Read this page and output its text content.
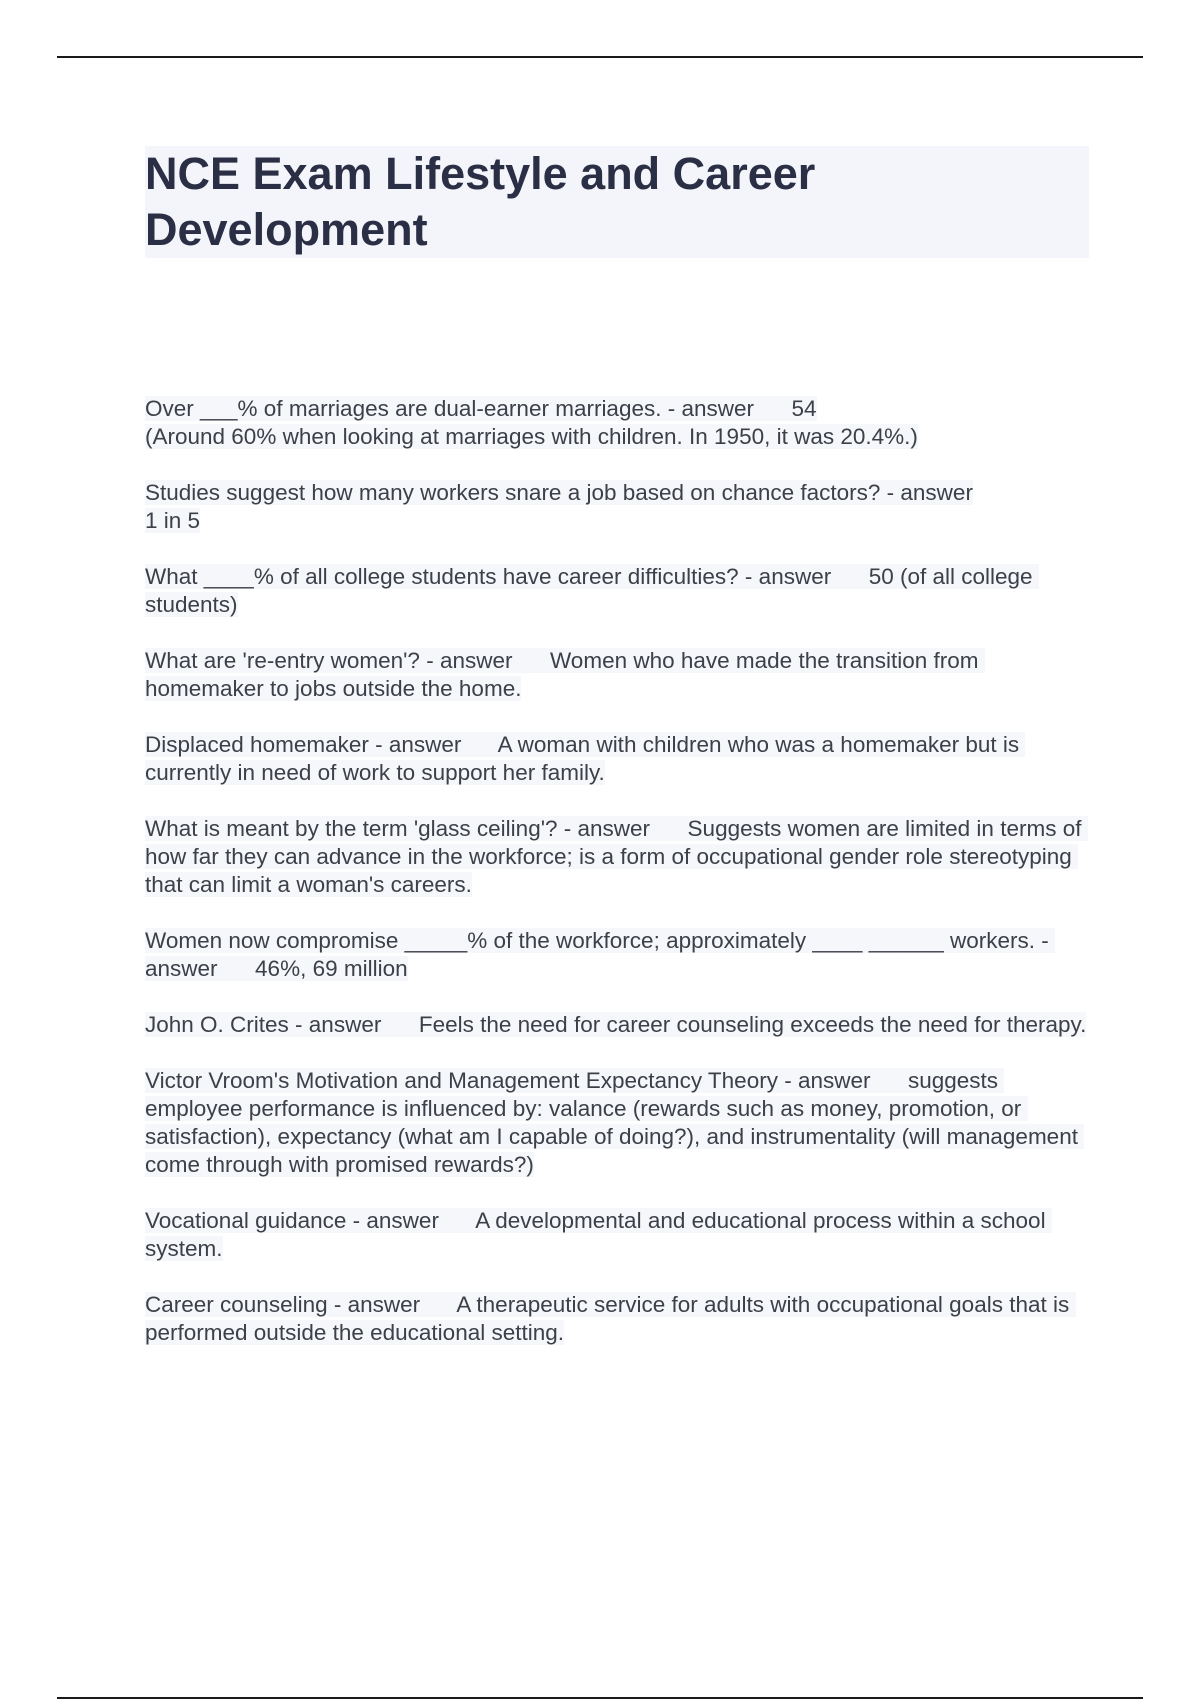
NCE Exam Lifestyle and Career Development

Over ___% of marriages are dual-earner marriages. - answer      54
(Around 60% when looking at marriages with children. In 1950, it was 20.4%.)

Studies suggest how many workers snare a job based on chance factors? - answer
1 in 5

What ____% of all college students have career difficulties? - answer      50 (of all college students)

What are 're-entry women'? - answer      Women who have made the transition from homemaker to jobs outside the home.

Displaced homemaker - answer      A woman with children who was a homemaker but is currently in need of work to support her family.

What is meant by the term 'glass ceiling'? - answer      Suggests women are limited in terms of how far they can advance in the workforce; is a form of occupational gender role stereotyping that can limit a woman's careers.

Women now compromise _____% of the workforce; approximately ____ ______ workers. - answer      46%, 69 million

John O. Crites - answer      Feels the need for career counseling exceeds the need for therapy.

Victor Vroom's Motivation and Management Expectancy Theory - answer      suggests employee performance is influenced by: valance (rewards such as money, promotion, or satisfaction), expectancy (what am I capable of doing?), and instrumentality (will management come through with promised rewards?)

Vocational guidance - answer      A developmental and educational process within a school system.

Career counseling - answer      A therapeutic service for adults with occupational goals that is performed outside the educational setting.
